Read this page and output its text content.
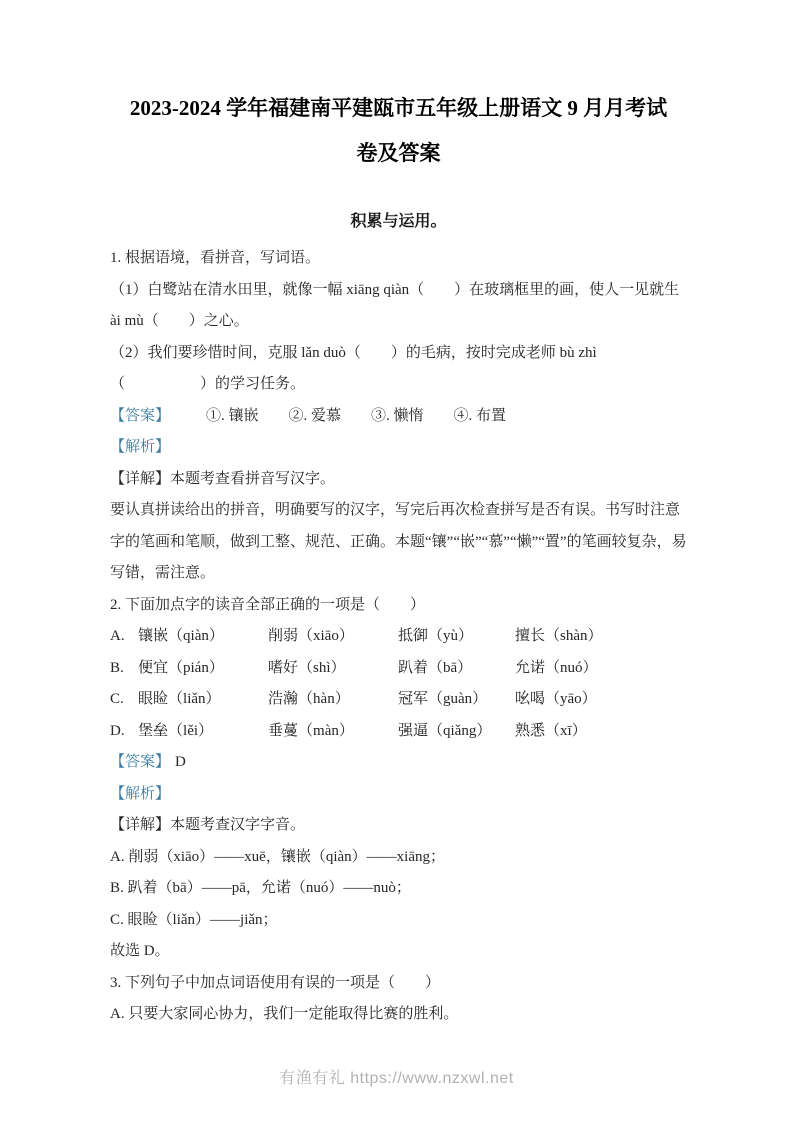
2023-2024 学年福建南平建瓯市五年级上册语文 9 月月考试
卷及答案
积累与运用。

1. 根据语境，看拼音，写词语。

（1）白鹭站在清水田里，就像一幅 xiāng qiàn（　　）在玻璃框里的画，使人一见就生ài mù（　　）之心。

（2）我们要珍惜时间，克服 lǎn duò（　　）的毛病，按时完成老师 bù zhì（　　　　　）的学习任务。

【答案】 ①. 镶嵌　　②. 爱慕　　③. 懒惰　　④. 布置

【解析】

【详解】本题考查看拼音写汉字。

要认真拼读给出的拼音，明确要写的汉字，写完后再次检查拼写是否有误。书写时注意字的笔画和笔顺，做到工整、规范、正确。本题“镶”“嵌”“慕”“懒”“置”的笔画较复杂，易写错，需注意。

2. 下面加点字的读音全部正确的一项是（　　）

A. 镶嵌 ●（qiàn）	削 ●弱（xiāo）	抵御 ●（yù）	擅 ●长（shàn）
B. 便 ●宜（pián）	嗜 ●好（shì）	趴 ●着（bā）	允诺 ●（nuó）
C. 眼睑 ●（liǎn）	浩瀚 ●（hàn）	冠 ●军（guàn）	吆 ●喝（yāo）
D. 堡垒 ●（lěi）	垂蔓 ●（màn）	强 ●逼（qiǎng）	熟悉 ●（xī）

【答案】 D

【解析】

【详解】本题考查汉字字音。

A. 削 ●弱（xiāo）——xuē，镶 ●嵌（qiàn）——xiāng；

B. 趴 ●着（bā）——pā，允诺 ●（nuó）——nuò；

C. 眼睑 ●（liǎn）——jiǎn；

故选 D。

3. 下列句子中加点词语使用有误的一项是（　　）

A. 只要大家同 ●心 ●协 ●力 ●，我们一定能取得比赛的胜利。

有渔有礼 https://www.nzxwl.net
